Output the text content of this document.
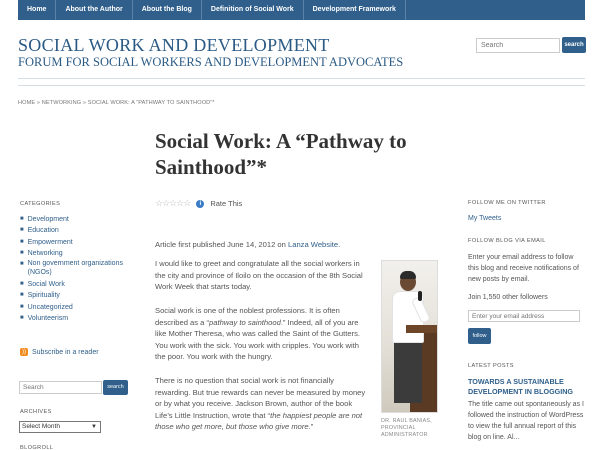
Home	About the Author	About the Blog	Definition of Social Work	Development Framework
SOCIAL WORK AND DEVELOPMENT
FORUM FOR SOCIAL WORKERS AND DEVELOPMENT ADVOCATES
Search
search
HOME » NETWORKING » SOCIAL WORK: A “PATHWAY TO SAINTHOOD”*
Social Work: A “Pathway to Sainthood”*
☆☆☆☆☆	i	Rate This
Article first published June 14, 2012 on Lanza Website.

I would like to greet and congratulate all the social workers in the city and province of Iloilo on the occasion of the 8th Social Work Week that starts today.

Social work is one of the noblest professions. It is often described as a “pathway to sainthood.” Indeed, all of you are like Mother Theresa, who was called the Saint of the Gutters. You work with the sick. You work with cripples. You work with the poor. You work with the hungry.

There is no question that social work is not financially rewarding. But true rewards can never be measured by money or by what you receive. Jackson Brown, author of the book Life’s Little Instruction, wrote that “the happiest people are not those who get more, but those who give more.”

DR. RAUL BANIAS, PROVINCIAL ADMINISTRATOR
CATEGORIES
■ Development
■ Education
■ Empowerment
■ Networking
■ Non government organizations (NGOs)
■ Social Work
■ Spirituality
■ Uncategorized
■ Volunteerism
)) Subscribe in a reader
Search
search
ARCHIVES
Select Month	▼
BLOGROLL
FOLLOW ME ON TWITTER
My Tweets
FOLLOW BLOG VIA EMAIL

Enter your email address to follow this blog and receive notifications of new posts by email.

Join 1,550 other followers

Enter your email address
follow
LATEST POSTS
TOWARDS A SUSTAINABLE DEVELOPMENT IN BLOGGING

The title came out spontaneously as I followed the instruction of WordPress to view the full annual report of this blog on line. Al...
